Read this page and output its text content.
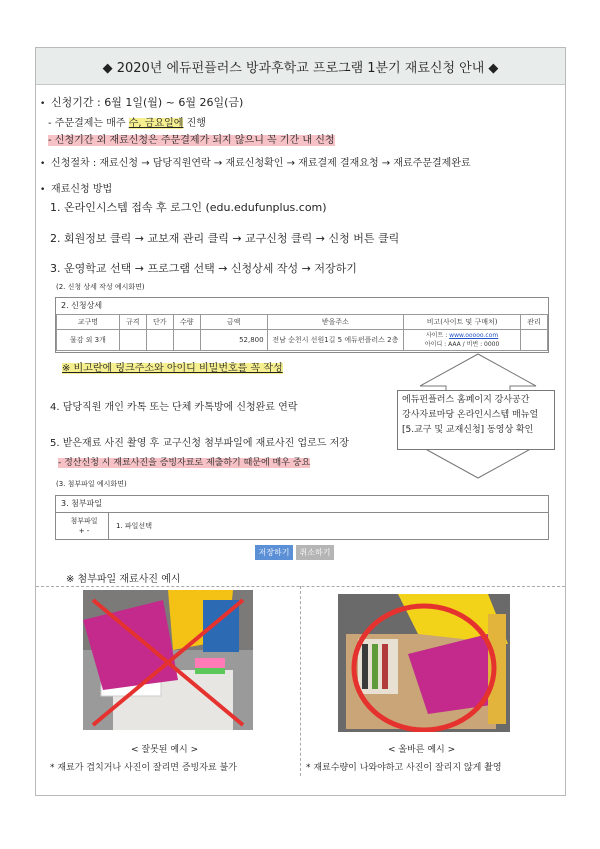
◆ 2020년 에듀펀플러스 방과후학교 프로그램 1분기 재료신청 안내 ◆
•  신청기간 : 6월 1일(월) ~ 6월 26일(금)
- 주문결제는 매주 수, 금요일에 진행
- 신청기간 외 재료신청은 주문결제가 되지 않으니 꼭 기간 내 신청
•  신청절차 : 재료신청 → 담당직원연락 → 재료신청확인 → 재료결제 결재요청 → 재료주문결제완료
•  재료신청 방법
1. 온라인시스템 접속 후 로그인 (edu.edufunplus.com)
2. 회원정보 클릭 → 교보재 관리 클릭 → 교구신청 클릭 → 신청 버튼 클릭
3. 운영학교 선택 → 프로그램 선택 → 신청상세 작성 → 저장하기
(2. 신청 상세 작성 예시화면)
2. 신청상세
교구명	규격	단가	수량	금액	받을주소	비고(사이트 및 구매처)	관리
물감 외 3개				52,800	전남 순천시 선원1길 5 에듀펀플러스 2층	사이트 : www.ooooo.com
아이디 : AAA / 비번 : 0000	
※ 비고란에 링크주소와 아이디 비밀번호를 꼭 작성
에듀펀플러스 홈페이지 강사공간
강사자료마당 온라인시스템 매뉴얼
[5.교구 및 교재신청] 동영상 확인
4. 담당직원 개인 카톡 또는 단체 카톡방에 신청완료 연락
5. 받은재료 사진 촬영 후 교구신청 첨부파일에 재료사진 업로드 저장
- 정산신청 시 재료사진을 증빙자료로 제출하기 때문에 매우 중요
(3. 첨부파일 예시화면)
3. 첨부파일
첨부파일
+ -
1. 파일선택
저장하기	취소하기
※ 첨부파일 재료사진 예시
< 잘못된 예시 >
* 재료가 겹치거나 사진이 잘리면 증빙자료 불가
< 올바른 예시 >
* 재료수량이 나와야하고 사진이 잘리지 않게 촬영
